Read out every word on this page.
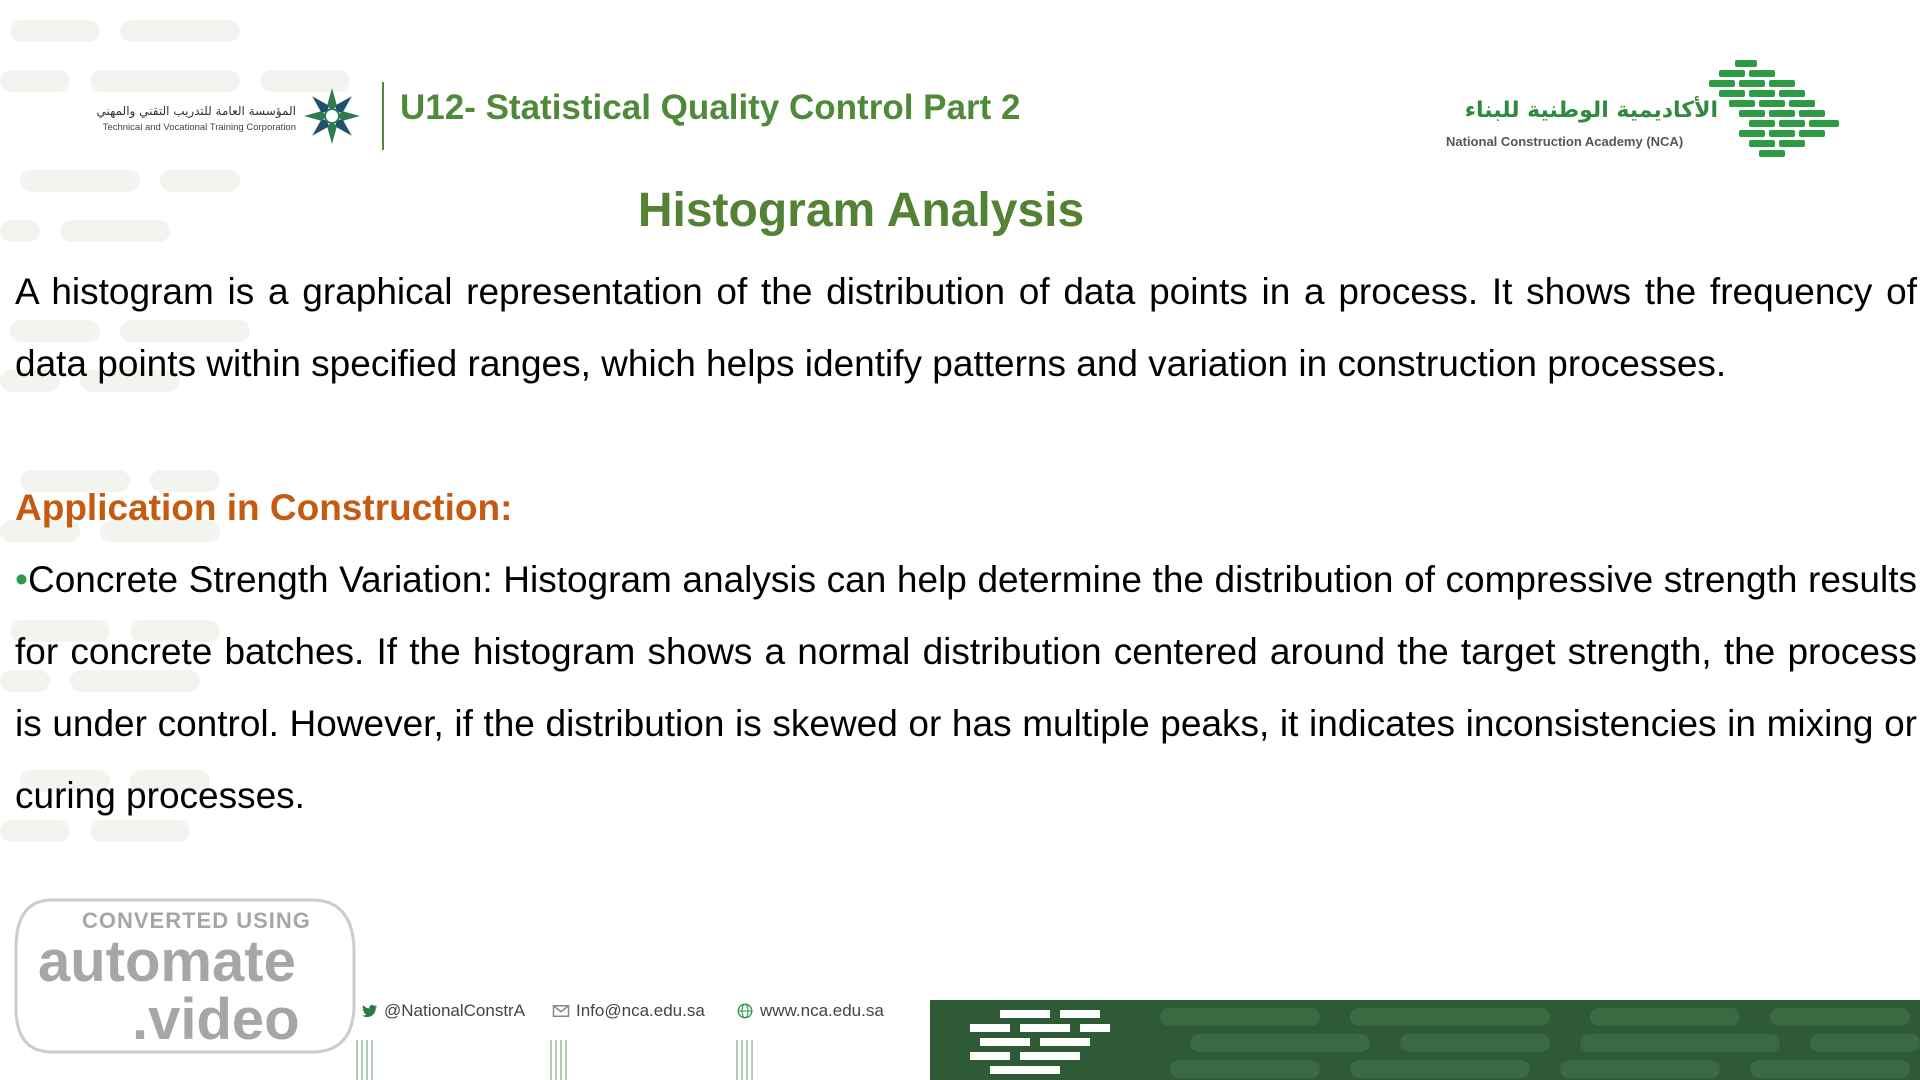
المؤسسة العامة للتدريب التقني والمهني
Technical and Vocational Training Corporation
U12- Statistical Quality Control Part 2	الأكاديمية الوطنية للبناء
National Construction Academy (NCA)
Histogram Analysis
A histogram is a graphical representation of the distribution of data points in a process. It shows the frequency of data points within specified ranges, which helps identify patterns and variation in construction processes.
Application in Construction:
•Concrete Strength Variation: Histogram analysis can help determine the distribution of compressive strength results for concrete batches. If the histogram shows a normal distribution centered around the target strength, the process is under control. However, if the distribution is skewed or has multiple peaks, it indicates inconsistencies in mixing or curing processes.
CONVERTED USING
automate
.video	@NationalConstrA	Info@nca.edu.sa	www.nca.edu.sa
